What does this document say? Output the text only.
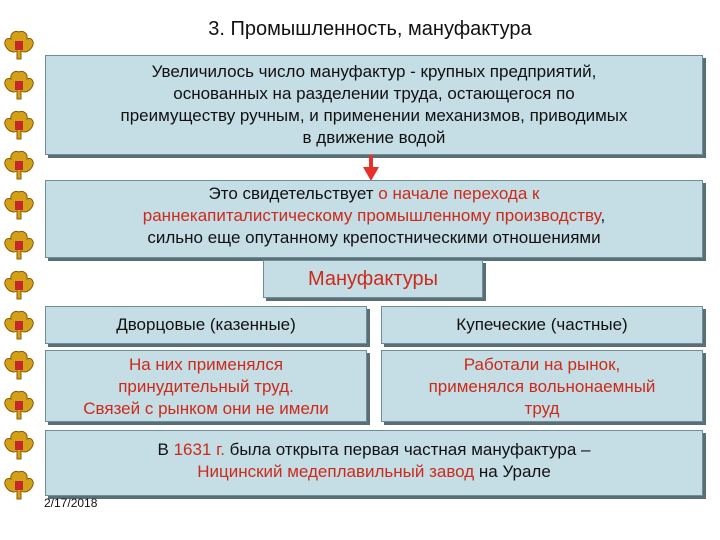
3. Промышленность, мануфактура
Увеличилось число мануфактур - крупных предприятий,
основанных на разделении труда, остающегося по
преимуществу ручным, и применении механизмов, приводимых
в движение водой
Это свидетельствует о начале перехода к
раннекапиталистическому промышленному производству,
сильно еще опутанному крепостническими отношениями
Мануфактуры
Дворцовые (казенные)	Купеческие (частные)
На них применялся
принудительный труд.
Связей с рынком они не имели
Работали на рынок,
применялся вольнонаемный
труд
В 1631 г. была открыта первая частная мануфактура –
Ницинский медеплавильный завод на Урале
2/17/2018
